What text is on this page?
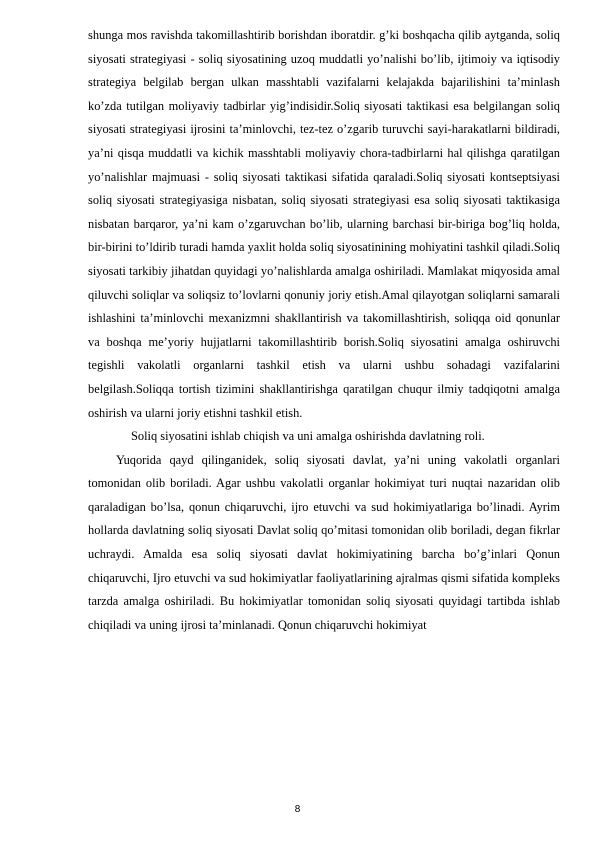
shunga mos ravishda takomillashtirib borishdan iboratdir. g’ki boshqacha qilib aytganda, soliq siyosati strategiyasi - soliq siyosatining uzoq muddatli yo’nalishi bo’lib, ijtimoiy va iqtisodiy strategiya belgilab bergan ulkan masshtabli vazifalarni kelajakda bajarilishini ta’minlash ko’zda tutilgan moliyaviy tadbirlar yig’indisidir.Soliq siyosati taktikasi esa belgilangan soliq siyosati strategiyasi ijrosini ta’minlovchi, tez-tez o’zgarib turuvchi sayi-harakatlarni bildiradi, ya’ni qisqa muddatli va kichik masshtabli moliyaviy chora-tadbirlarni hal qilishga qaratilgan yo’nalishlar majmuasi - soliq siyosati taktikasi sifatida qaraladi.Soliq siyosati kontseptsiyasi soliq siyosati strategiyasiga nisbatan, soliq siyosati strategiyasi esa soliq siyosati taktikasiga nisbatan barqaror, ya’ni kam o’zgaruvchan bo’lib, ularning barchasi bir-biriga bog’liq holda, bir-birini to’ldirib turadi hamda yaxlit holda soliq siyosatinining mohiyatini tashkil qiladi.Soliq siyosati tarkibiy jihatdan quyidagi yo’nalishlarda amalga oshiriladi. Mamlakat miqyosida amal qiluvchi soliqlar va soliqsiz to’lovlarni qonuniy joriy etish.Amal qilayotgan soliqlarni samarali ishlashini ta’minlovchi mexanizmni shakllantirish va takomillashtirish, soliqqa oid qonunlar va boshqa me’yoriy hujjatlarni takomillashtirib borish.Soliq siyosatini amalga oshiruvchi tegishli vakolatli organlarni tashkil etish va ularni ushbu sohadagi vazifalarini belgilash.Soliqqa tortish tizimini shakllantirishga qaratilgan chuqur ilmiy tadqiqotni amalga oshirish va ularni joriy etishni tashkil etish.

Soliq siyosatini ishlab chiqish va uni amalga oshirishda davlatning roli.

Yuqorida qayd qilinganidek, soliq siyosati davlat, ya’ni uning vakolatli organlari tomonidan olib boriladi. Agar ushbu vakolatli organlar hokimiyat turi nuqtai nazaridan olib qaraladigan bo’lsa, qonun chiqaruvchi, ijro etuvchi va sud hokimiyatlariga bo’linadi. Ayrim hollarda davlatning soliq siyosati Davlat soliq qo’mitasi tomonidan olib boriladi, degan fikrlar uchraydi. Amalda esa soliq siyosati davlat hokimiyatining barcha bo’g’inlari Qonun chiqaruvchi, Ijro etuvchi va sud hokimiyatlar faoliyatlarining ajralmas qismi sifatida kompleks tarzda amalga oshiriladi. Bu hokimiyatlar tomonidan soliq siyosati quyidagi tartibda ishlab chiqiladi va uning ijrosi ta’minlanadi. Qonun chiqaruvchi hokimiyat

8
